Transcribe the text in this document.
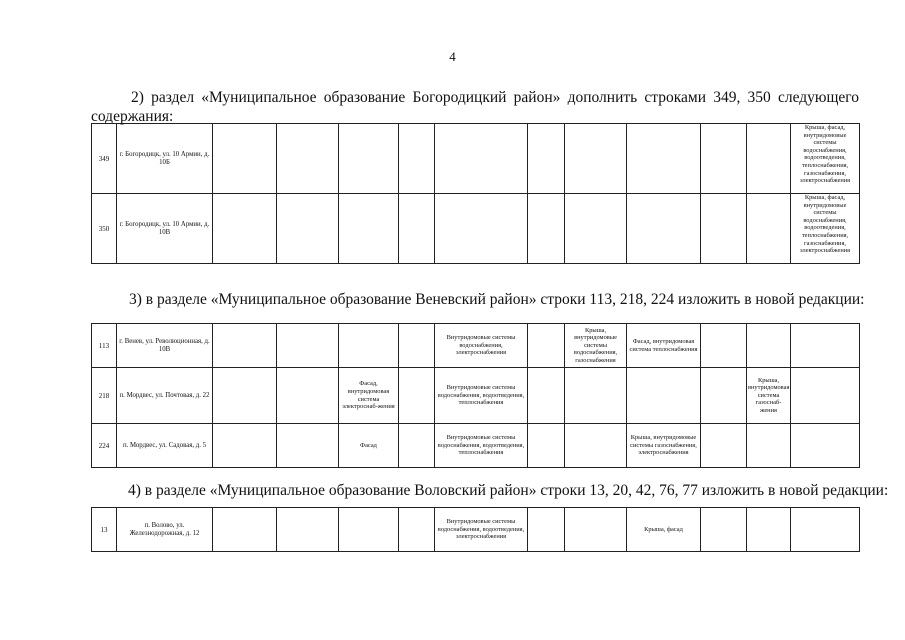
4
2) раздел «Муниципальное образование Богородицкий район» дополнить строками 349, 350 следующего
содержания:
349	г. Богородицк, ул. 10 Армии, д. 10Б											Крыша, фасад, внутридомовые системы водоснабжения, водоотведения, теплоснабжения, газоснабжения, электроснабжения
350	г. Богородицк, ул. 10 Армии, д. 10В											Крыша, фасад, внутридомовые системы водоснабжения, водоотведения, теплоснабжения, газоснабжения, электроснабжения
3) в разделе «Муниципальное образование Веневский район» строки 113, 218, 224 изложить в новой редакции:
113	г. Венев, ул. Революционная, д. 10В					Внутридомовые системы водоснабжения, электроснабжения		Крыша, внутридомовые системы водоснабжения, газоснабжения	Фасад, внутридомовая система теплоснабжения			
218	п. Мордвес, ул. Почтовая, д. 22			Фасад, внутридомовая система электроснаб-жения		Внутридомовые системы водоснабжения, водоотведения, теплоснабжения					Крыша, внутридомовая система газоснаб-жения	
224	п. Мордвес, ул. Садовая, д. 5			Фасад		Внутридомовые системы водоснабжения, водоотведения, теплоснабжения			Крыша, внутридомовые системы газоснабжения, электроснабжения			
4) в разделе «Муниципальное образование Воловский район» строки 13, 20, 42, 76, 77 изложить в новой редакции:
13	п. Волово, ул. Железнодорожная, д. 12					Внутридомовые системы водоснабжения, водоотведения, электроснабжения			Крыша, фасад			
